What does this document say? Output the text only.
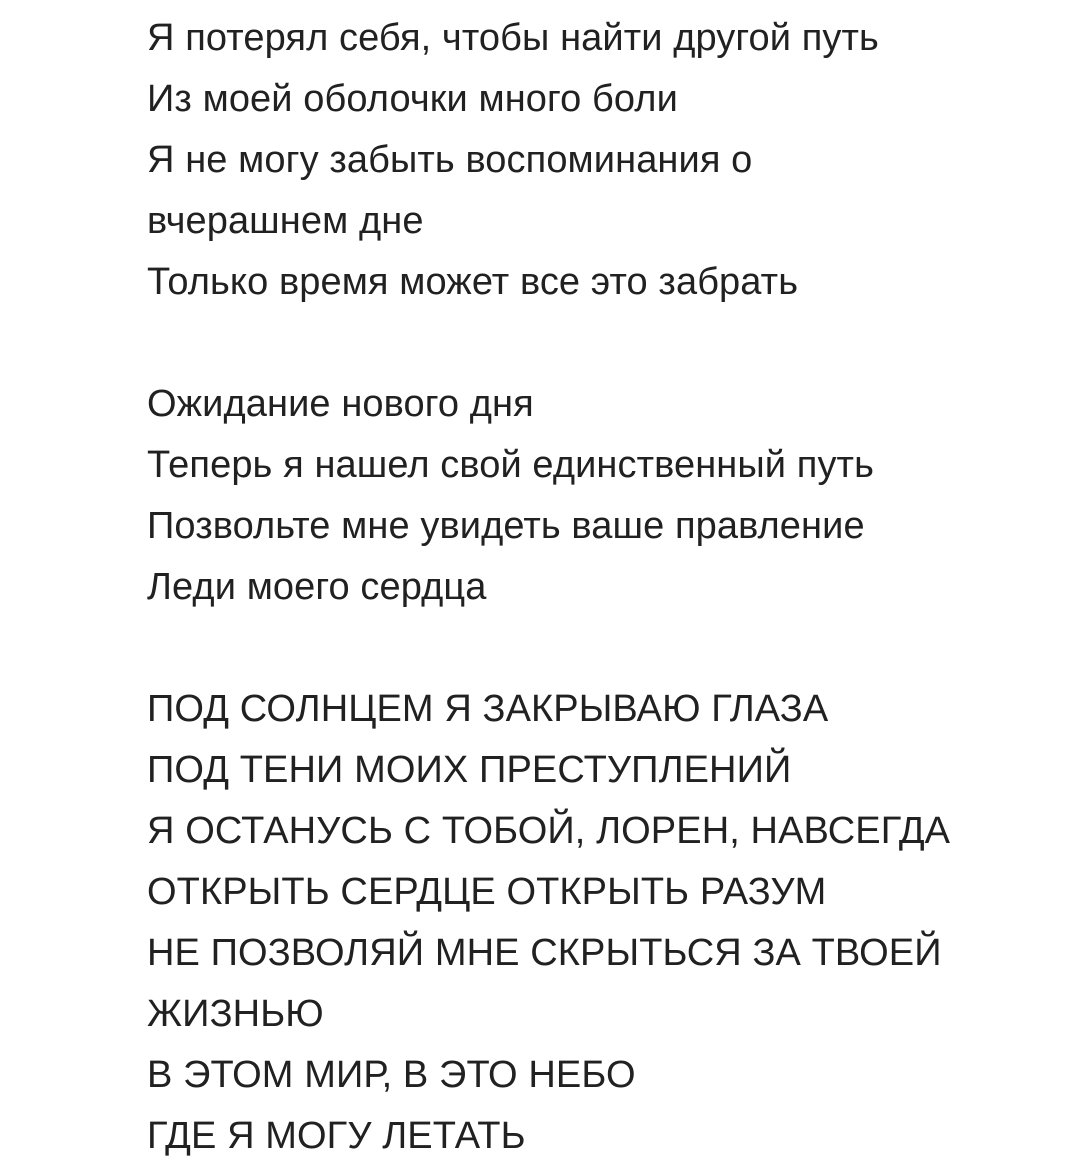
Я потерял себя, чтобы найти другой путь
Из моей оболочки много боли
Я не могу забыть воспоминания о
вчерашнем дне
Только время может все это забрать
Ожидание нового дня
Теперь я нашел свой единственный путь
Позвольте мне увидеть ваше правление
Леди моего сердца
ПОД СОЛНЦЕМ Я ЗАКРЫВАЮ ГЛАЗА
ПОД ТЕНИ МОИХ ПРЕСТУПЛЕНИЙ
Я ОСТАНУСЬ С ТОБОЙ, ЛОРЕН, НАВСЕГДА
ОТКРЫТЬ СЕРДЦЕ ОТКРЫТЬ РАЗУМ
НЕ ПОЗВОЛЯЙ МНЕ СКРЫТЬСЯ ЗА ТВОЕЙ
ЖИЗНЬЮ
В ЭТОМ МИР, В ЭТО НЕБО
ГДЕ Я МОГУ ЛЕТАТЬ
